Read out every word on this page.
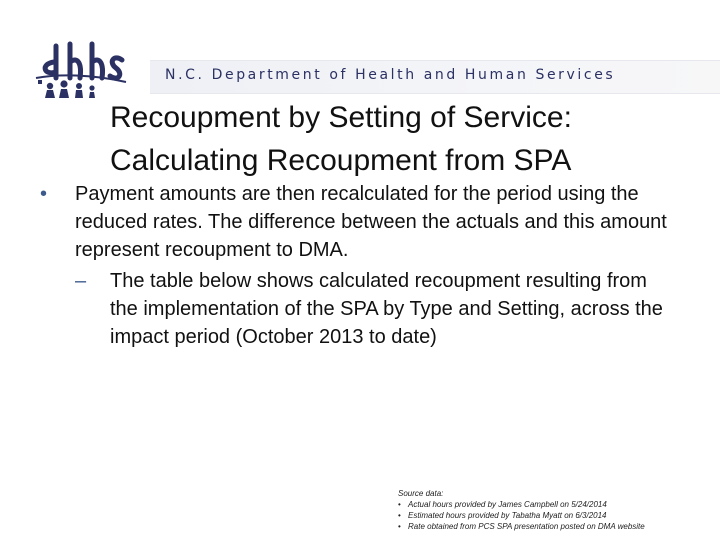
N.C. Department of Health and Human Services
Recoupment by Setting of Service:
Calculating Recoupment from SPA
• Payment amounts are then recalculated for the period using the reduced rates. The difference between the actuals and this amount represent recoupment to DMA.
– The table below shows calculated recoupment resulting from the implementation of the SPA by Type and Setting, across the impact period (October 2013 to date)
Source data:
• Actual hours provided by James Campbell on 5/24/2014
• Estimated hours provided by Tabatha Myatt on 6/3/2014
• Rate obtained from PCS SPA presentation posted on DMA website
